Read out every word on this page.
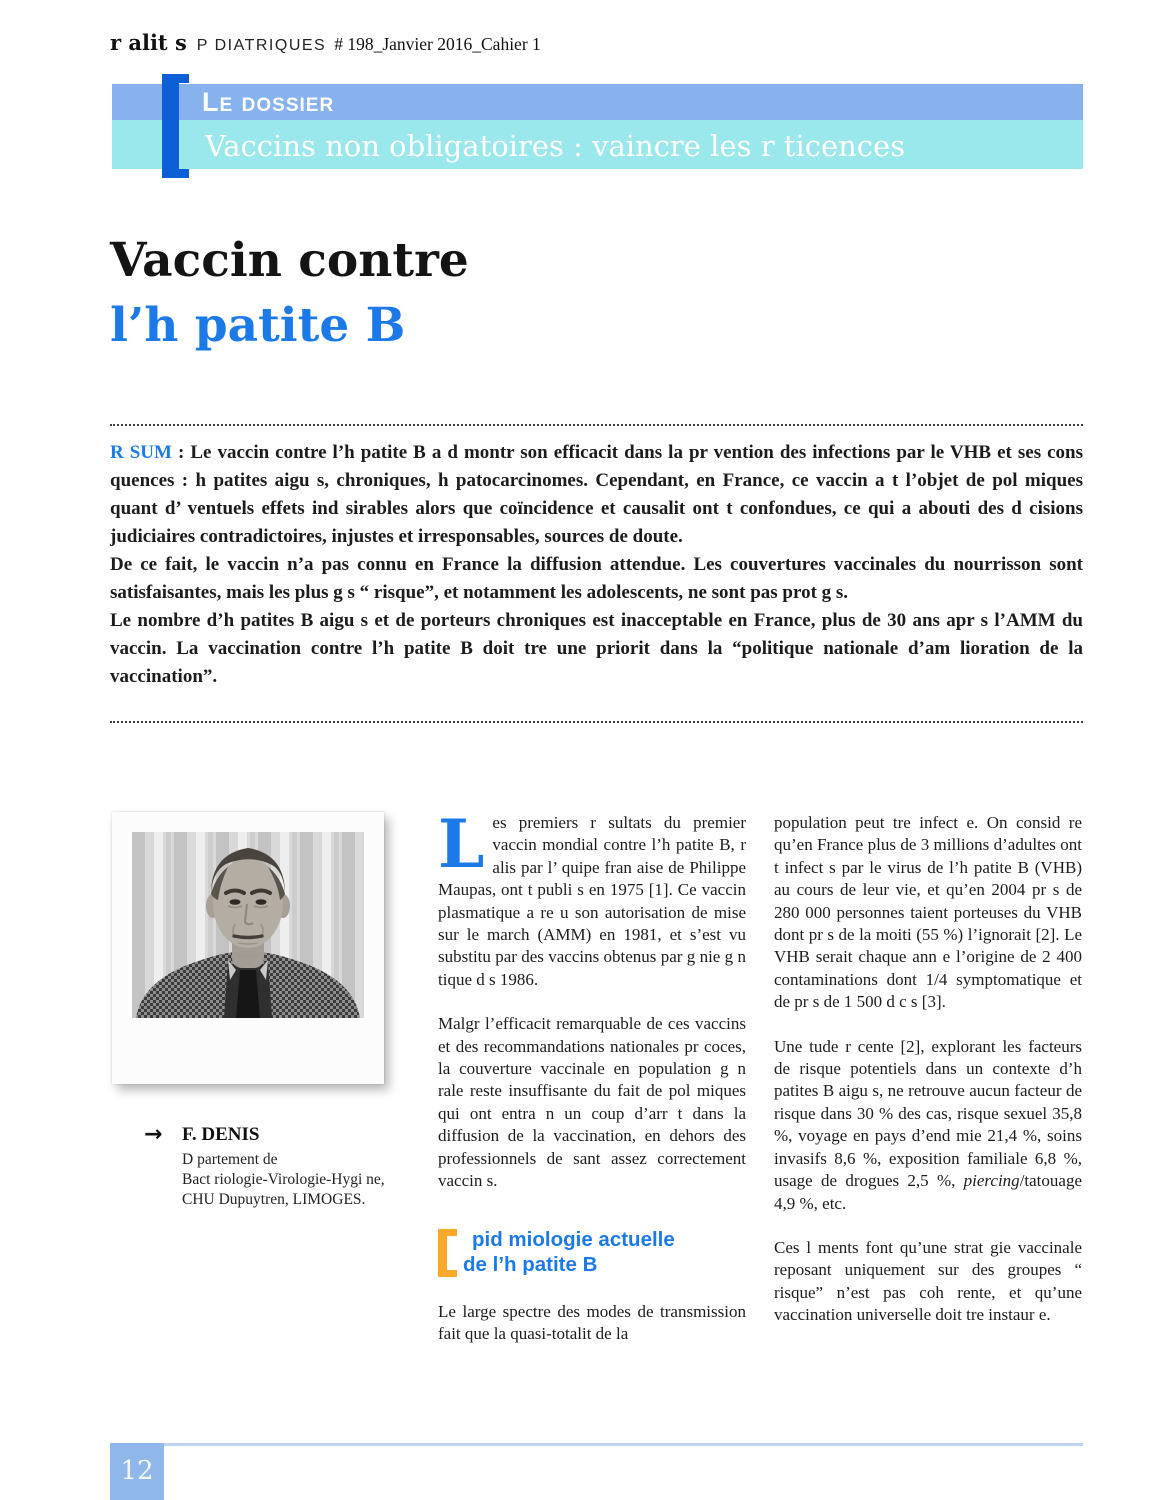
r alit s P DIATRIQUES # 198_Janvier 2016_Cahier 1
Le dossier
Vaccins non obligatoires : vaincre les r ticences
Vaccin contre
l’h patite B

R SUM : Le vaccin contre l’h patite B a d montr son efficacit dans la pr vention des infections par le VHB et ses cons quences : h patites aigu s, chroniques, h patocarcinomes. Cependant, en France, ce vaccin a t l’objet de pol miques quant d’ ventuels effets ind sirables alors que coïncidence et causalit ont t confondues, ce qui a abouti des d cisions judiciaires contradictoires, injustes et irresponsables, sources de doute.

De ce fait, le vaccin n’a pas connu en France la diffusion attendue. Les couvertures vaccinales du nourrisson sont satisfaisantes, mais les plus g s “ risque”, et notamment les adolescents, ne sont pas prot g s.

Le nombre d’h patites B aigu s et de porteurs chroniques est inacceptable en France, plus de 30 ans apr s l’AMM du vaccin. La vaccination contre l’h patite B doit tre une priorit dans la “politique nationale d’am lioration de la vaccination”.

→ F. DENIS
D partement de
Bact riologie-Virologie-Hygi ne,
CHU Dupuytren, LIMOGES.

Les premiers r sultats du premier vaccin mondial contre l’h patite B, r alis par l’ quipe fran aise de Philippe Maupas, ont t publi s en 1975 [1]. Ce vaccin plasmatique a re u son autorisation de mise sur le march (AMM) en 1981, et s’est vu substitu par des vaccins obtenus par g nie g n tique d s 1986.

Malgr l’efficacit remarquable de ces vaccins et des recommandations nationales pr coces, la couverture vaccinale en population g n rale reste insuffisante du fait de pol miques qui ont entra n un coup d’arr t dans la diffusion de la vaccination, en dehors des professionnels de sant assez correctement vaccin s.

pid miologie actuelle
de l’h patite B

Le large spectre des modes de transmission fait que la quasi-totalit de la

population peut tre infect e. On consid re qu’en France plus de 3 millions d’adultes ont t infect s par le virus de l’h patite B (VHB) au cours de leur vie, et qu’en 2004 pr s de 280 000 personnes taient porteuses du VHB dont pr s de la moiti (55 %) l’ignorait [2]. Le VHB serait chaque ann e l’origine de 2 400 contaminations dont 1/4 symptomatique et de pr s de 1 500 d c s [3].

Une tude r cente [2], explorant les facteurs de risque potentiels dans un contexte d’h patites B aigu s, ne retrouve aucun facteur de risque dans 30 % des cas, risque sexuel 35,8 %, voyage en pays d’end mie 21,4 %, soins invasifs 8,6 %, exposition familiale 6,8 %, usage de drogues 2,5 %, piercing/tatouage 4,9 %, etc.

Ces l ments font qu’une strat gie vaccinale reposant uniquement sur des groupes “ risque” n’est pas coh rente, et qu’une vaccination universelle doit tre instaur e.

12
